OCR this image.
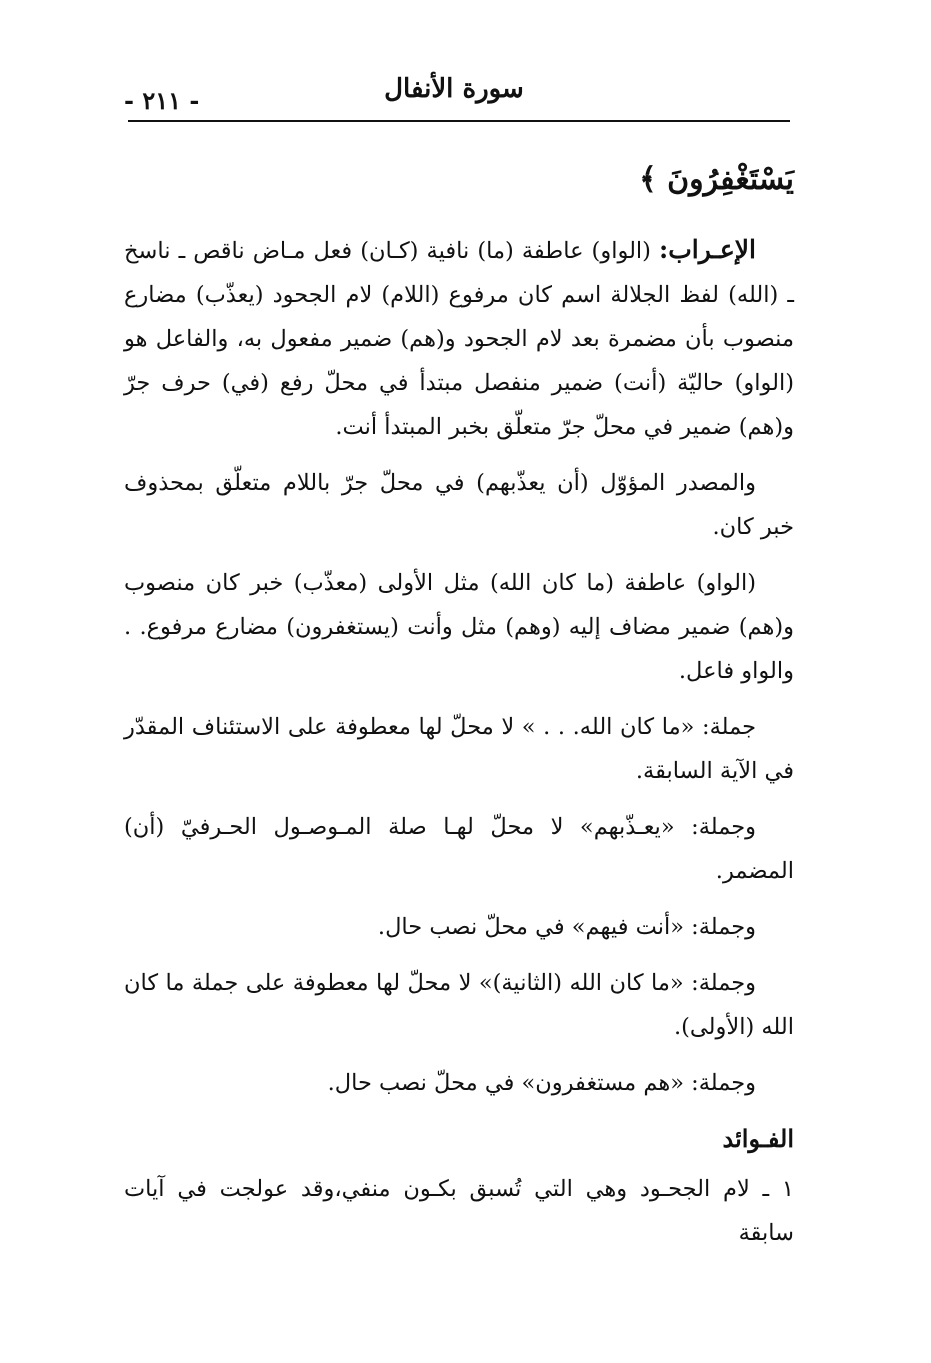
سورة الأنفال
- ٢١١ -

يَسْتَغْفِرُونَ ﴾

الإعـراب: (الواو) عاطفة (ما) نافية (كـان) فعل مـاض ناقص ـ ناسخ ـ (الله) لفظ الجلالة اسم كان مرفوع (اللام) لام الجحود (يعذّب) مضارع منصوب بأن مضمرة بعد لام الجحود و(هم) ضمير مفعول به، والفاعل هو (الواو) حاليّة (أنت) ضمير منفصل مبتدأ في محلّ رفع (في) حرف جرّ و(هم) ضمير في محلّ جرّ متعلّق بخبر المبتدأ أنت.

والمصدر المؤوّل (أن يعذّبهم) في محلّ جرّ باللام متعلّق بمحذوف خبر كان.

(الواو) عاطفة (ما كان الله) مثل الأولى (معذّب) خبر كان منصوب و(هم) ضمير مضاف إليه (وهم) مثل وأنت (يستغفرون) مضارع مرفوع. . والواو فاعل.

جملة: «ما كان الله. . . » لا محلّ لها معطوفة على الاستئناف المقدّر في الآية السابقة.

وجملة: «يعـذّبهم» لا محلّ لهـا صلة المـوصـول الحـرفيّ (أن) المضمر.

وجملة: «أنت فيهم» في محلّ نصب حال.

وجملة: «ما كان الله (الثانية)» لا محلّ لها معطوفة على جملة ما كان الله (الأولى).

وجملة: «هم مستغفرون» في محلّ نصب حال.

الفـوائد

١ ـ لام الجحـود وهي التي تُسبق بكـون منفي،وقد عولجت في آيات سابقة
